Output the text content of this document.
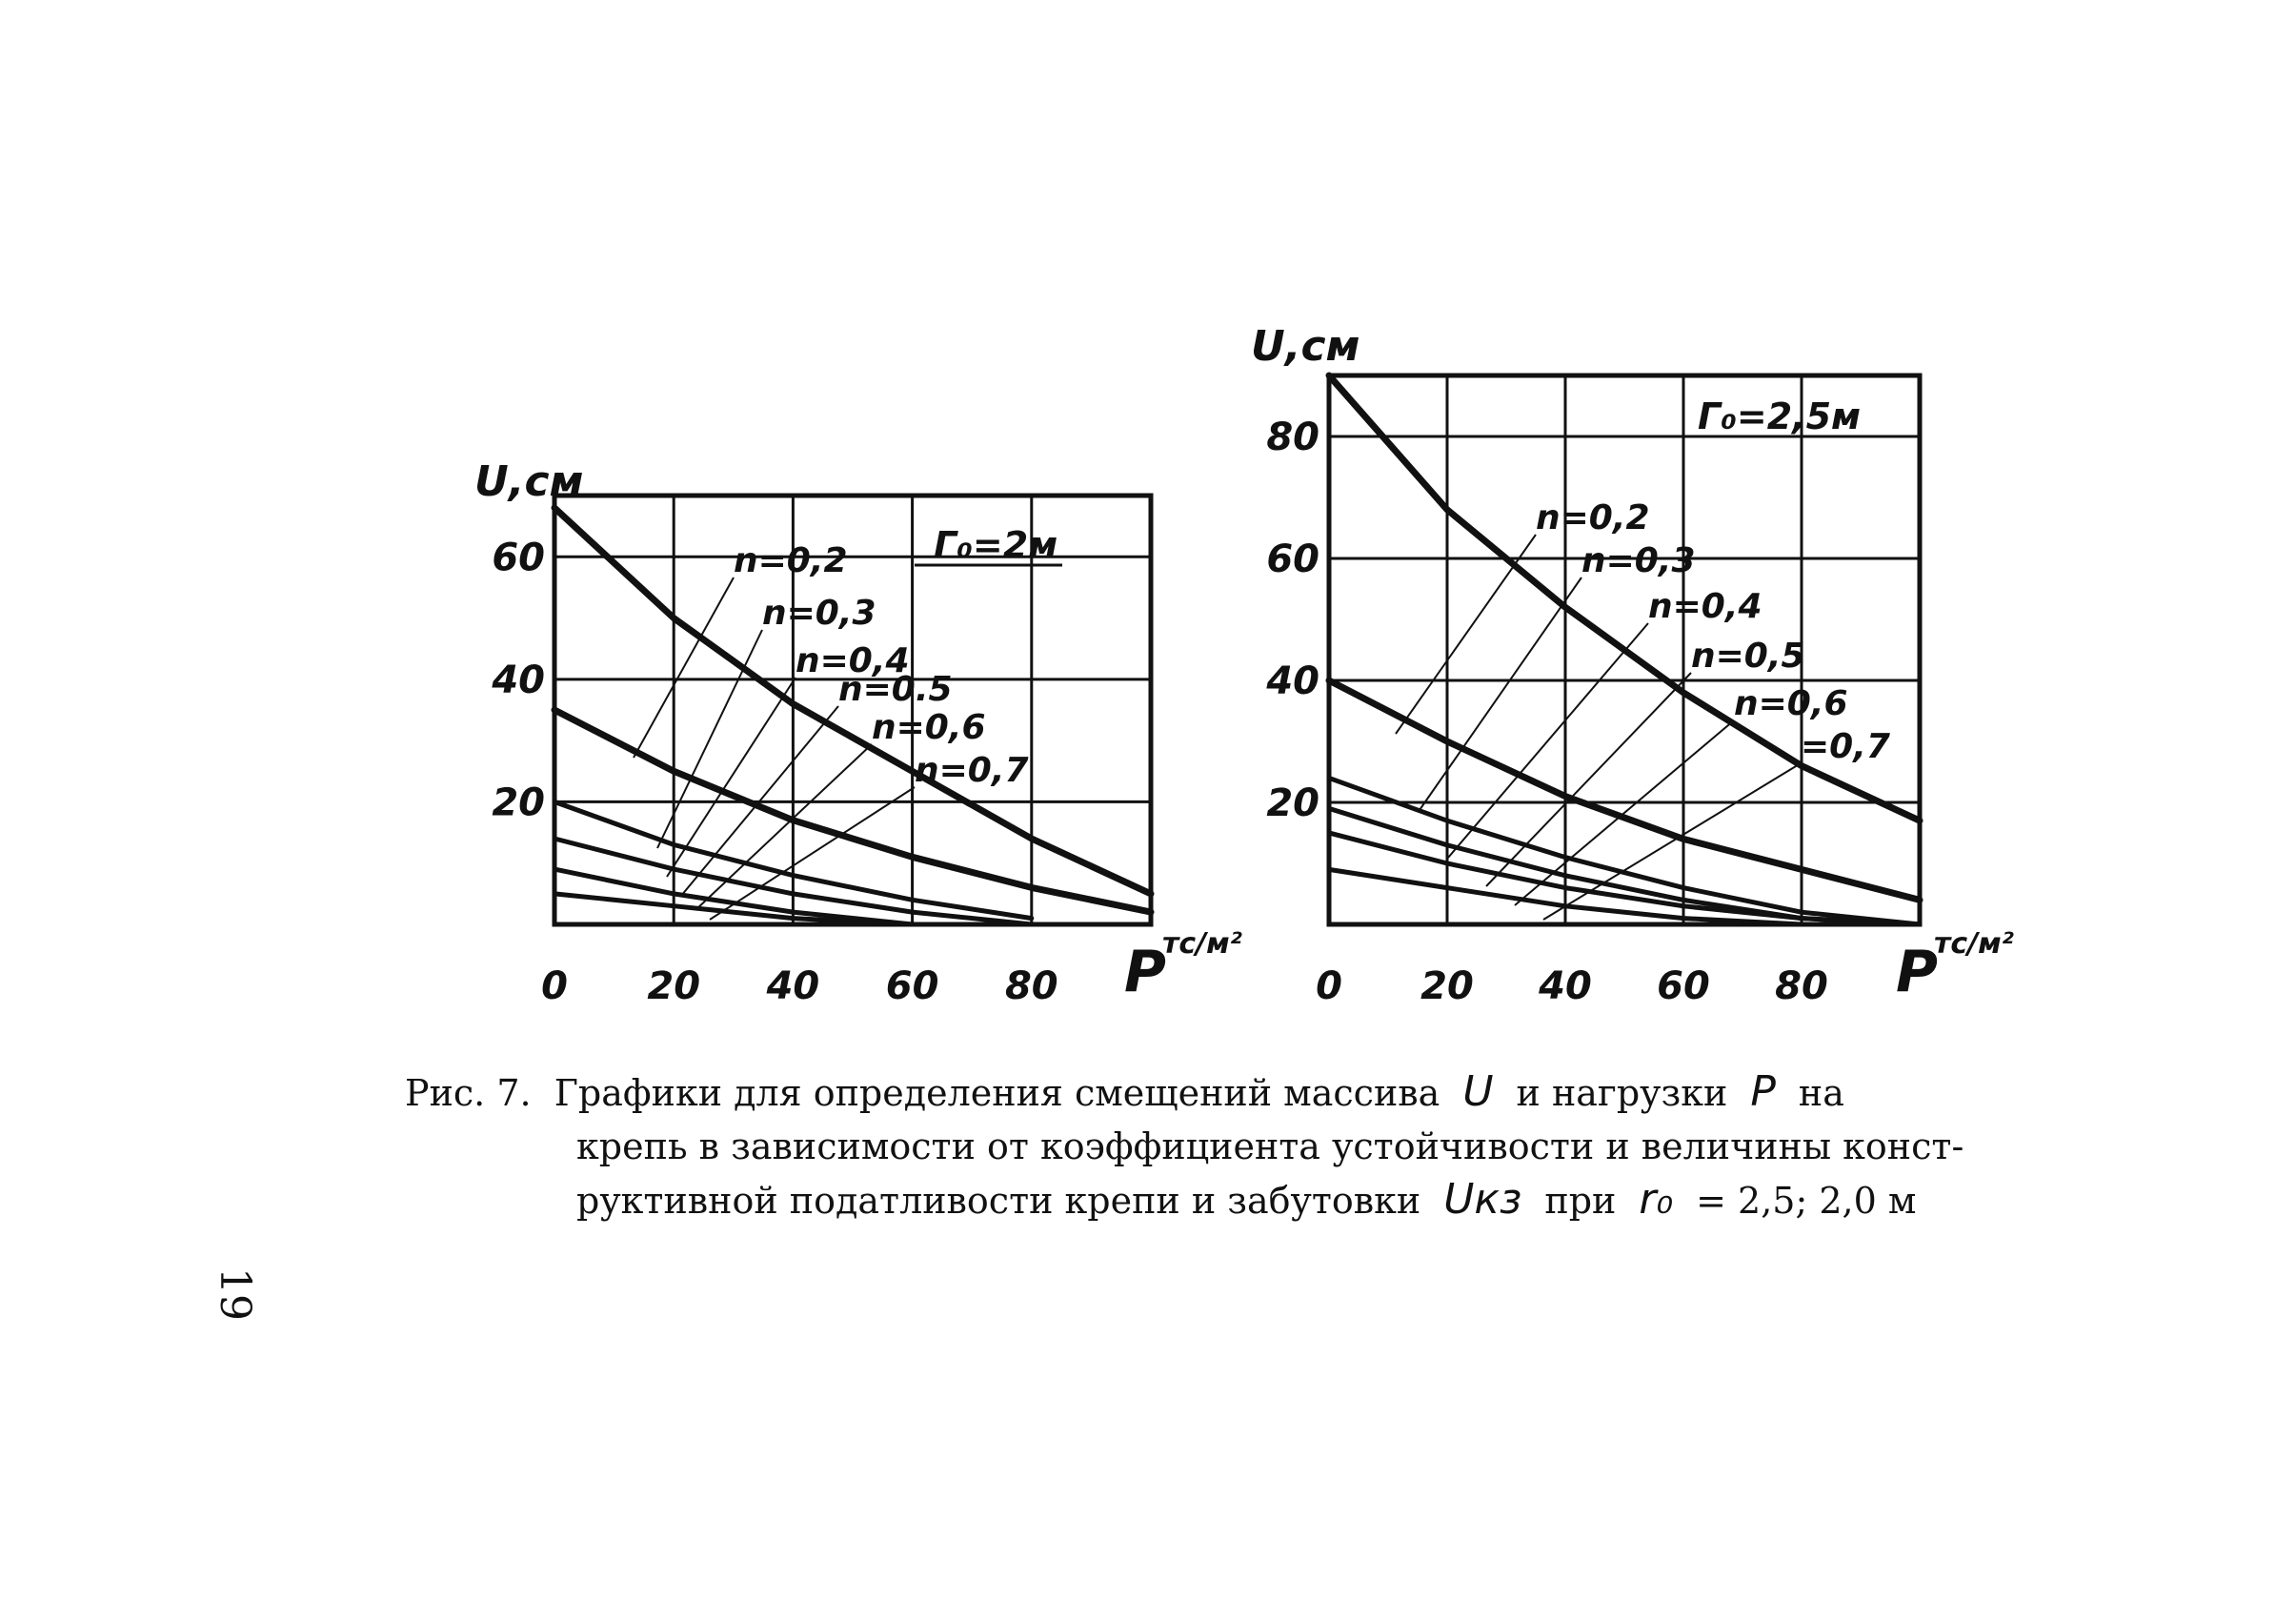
0 20 40 60 80
20
40
60
U,см
P
тс/м²
Г₀=2м
n=0,2
n=0,3
n=0,4
n=0.5
n=0,6
n=0,7
0 20 40 60 80
20
40
60
80
U,см
P
тс/м²
Г₀=2,5м
n=0,2
n=0,3
n=0,4
n=0,5
n=0,6
=0,7
Рис. 7. Графики для определения смещений массива U и нагрузки P на
крепь в зависимости от коэффициента устойчивости и величины конст-
руктивной податливости крепи и забутовки Uкз при r₀ = 2,5; 2,0 м
19
